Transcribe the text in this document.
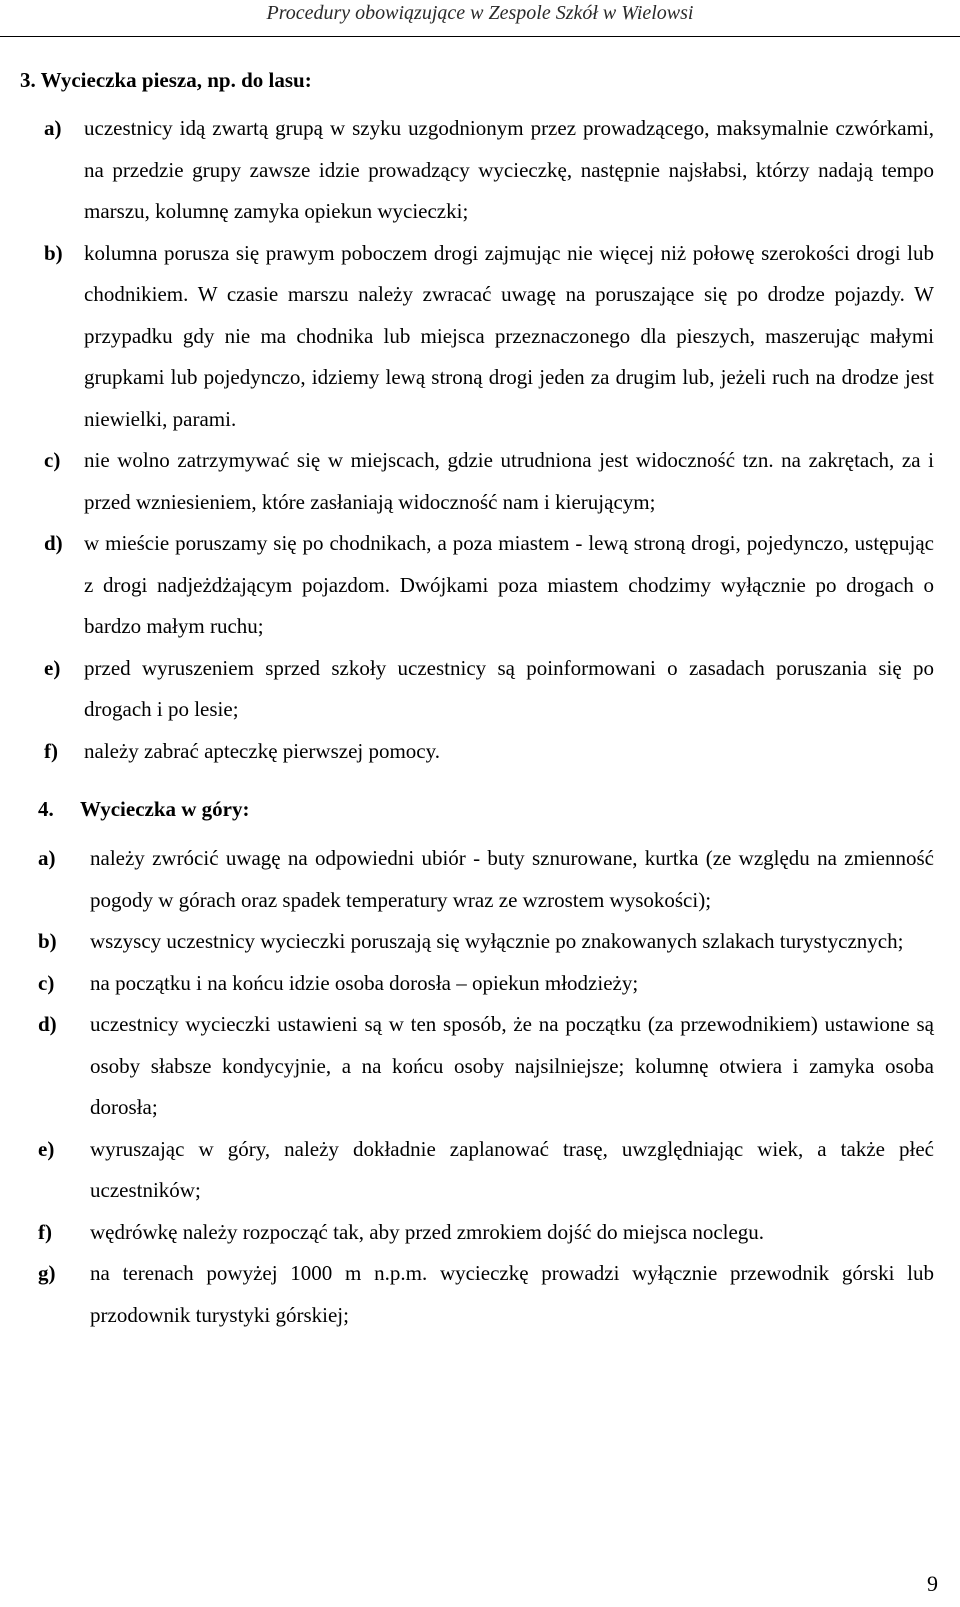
Procedury obowiązujące w Zespole Szkół w Wielowsi

3. Wycieczka piesza, np. do lasu:

a)	uczestnicy idą zwartą grupą w szyku uzgodnionym przez prowadzącego, maksymalnie czwórkami, na przedzie grupy zawsze idzie prowadzący wycieczkę, następnie najsłabsi, którzy nadają tempo marszu, kolumnę zamyka opiekun wycieczki;
b)	kolumna porusza się prawym poboczem drogi zajmując nie więcej niż połowę szerokości drogi lub chodnikiem. W czasie marszu należy zwracać uwagę na poruszające się po drodze pojazdy. W przypadku gdy nie ma chodnika lub miejsca przeznaczonego dla pieszych, maszerując małymi grupkami lub pojedynczo, idziemy lewą stroną drogi jeden za drugim lub, jeżeli ruch na drodze jest niewielki, parami.
c)	nie wolno zatrzymywać się w miejscach, gdzie utrudniona jest widoczność tzn. na zakrętach, za i przed wzniesieniem, które zasłaniają widoczność nam i kierującym;
d)	w mieście poruszamy się po chodnikach, a poza miastem - lewą stroną drogi, pojedynczo, ustępując z drogi nadjeżdżającym pojazdom. Dwójkami poza miastem chodzimy wyłącznie po drogach o bardzo małym ruchu;
e)	przed wyruszeniem sprzed szkoły uczestnicy są poinformowani o zasadach poruszania się po drogach i po lesie;
f)	należy zabrać apteczkę pierwszej pomocy.

4.	Wycieczka w góry:

a)	należy zwrócić uwagę na odpowiedni ubiór - buty sznurowane, kurtka (ze względu na zmienność pogody w górach oraz spadek temperatury wraz ze wzrostem wysokości);
b)	wszyscy uczestnicy wycieczki poruszają się wyłącznie po znakowanych szlakach turystycznych;
c)	na początku i na końcu idzie osoba dorosła – opiekun młodzieży;
d)	uczestnicy wycieczki ustawieni są w ten sposób, że na początku (za przewodnikiem) ustawione są osoby słabsze kondycyjnie, a na końcu osoby najsilniejsze; kolumnę otwiera i zamyka osoba dorosła;
e)	wyruszając w góry, należy dokładnie zaplanować trasę, uwzględniając wiek, a także płeć uczestników;
f)	wędrówkę należy rozpocząć tak, aby przed zmrokiem dojść do miejsca noclegu.
g)	na terenach powyżej 1000 m n.p.m. wycieczkę prowadzi wyłącznie przewodnik górski lub przodownik turystyki górskiej;
9
